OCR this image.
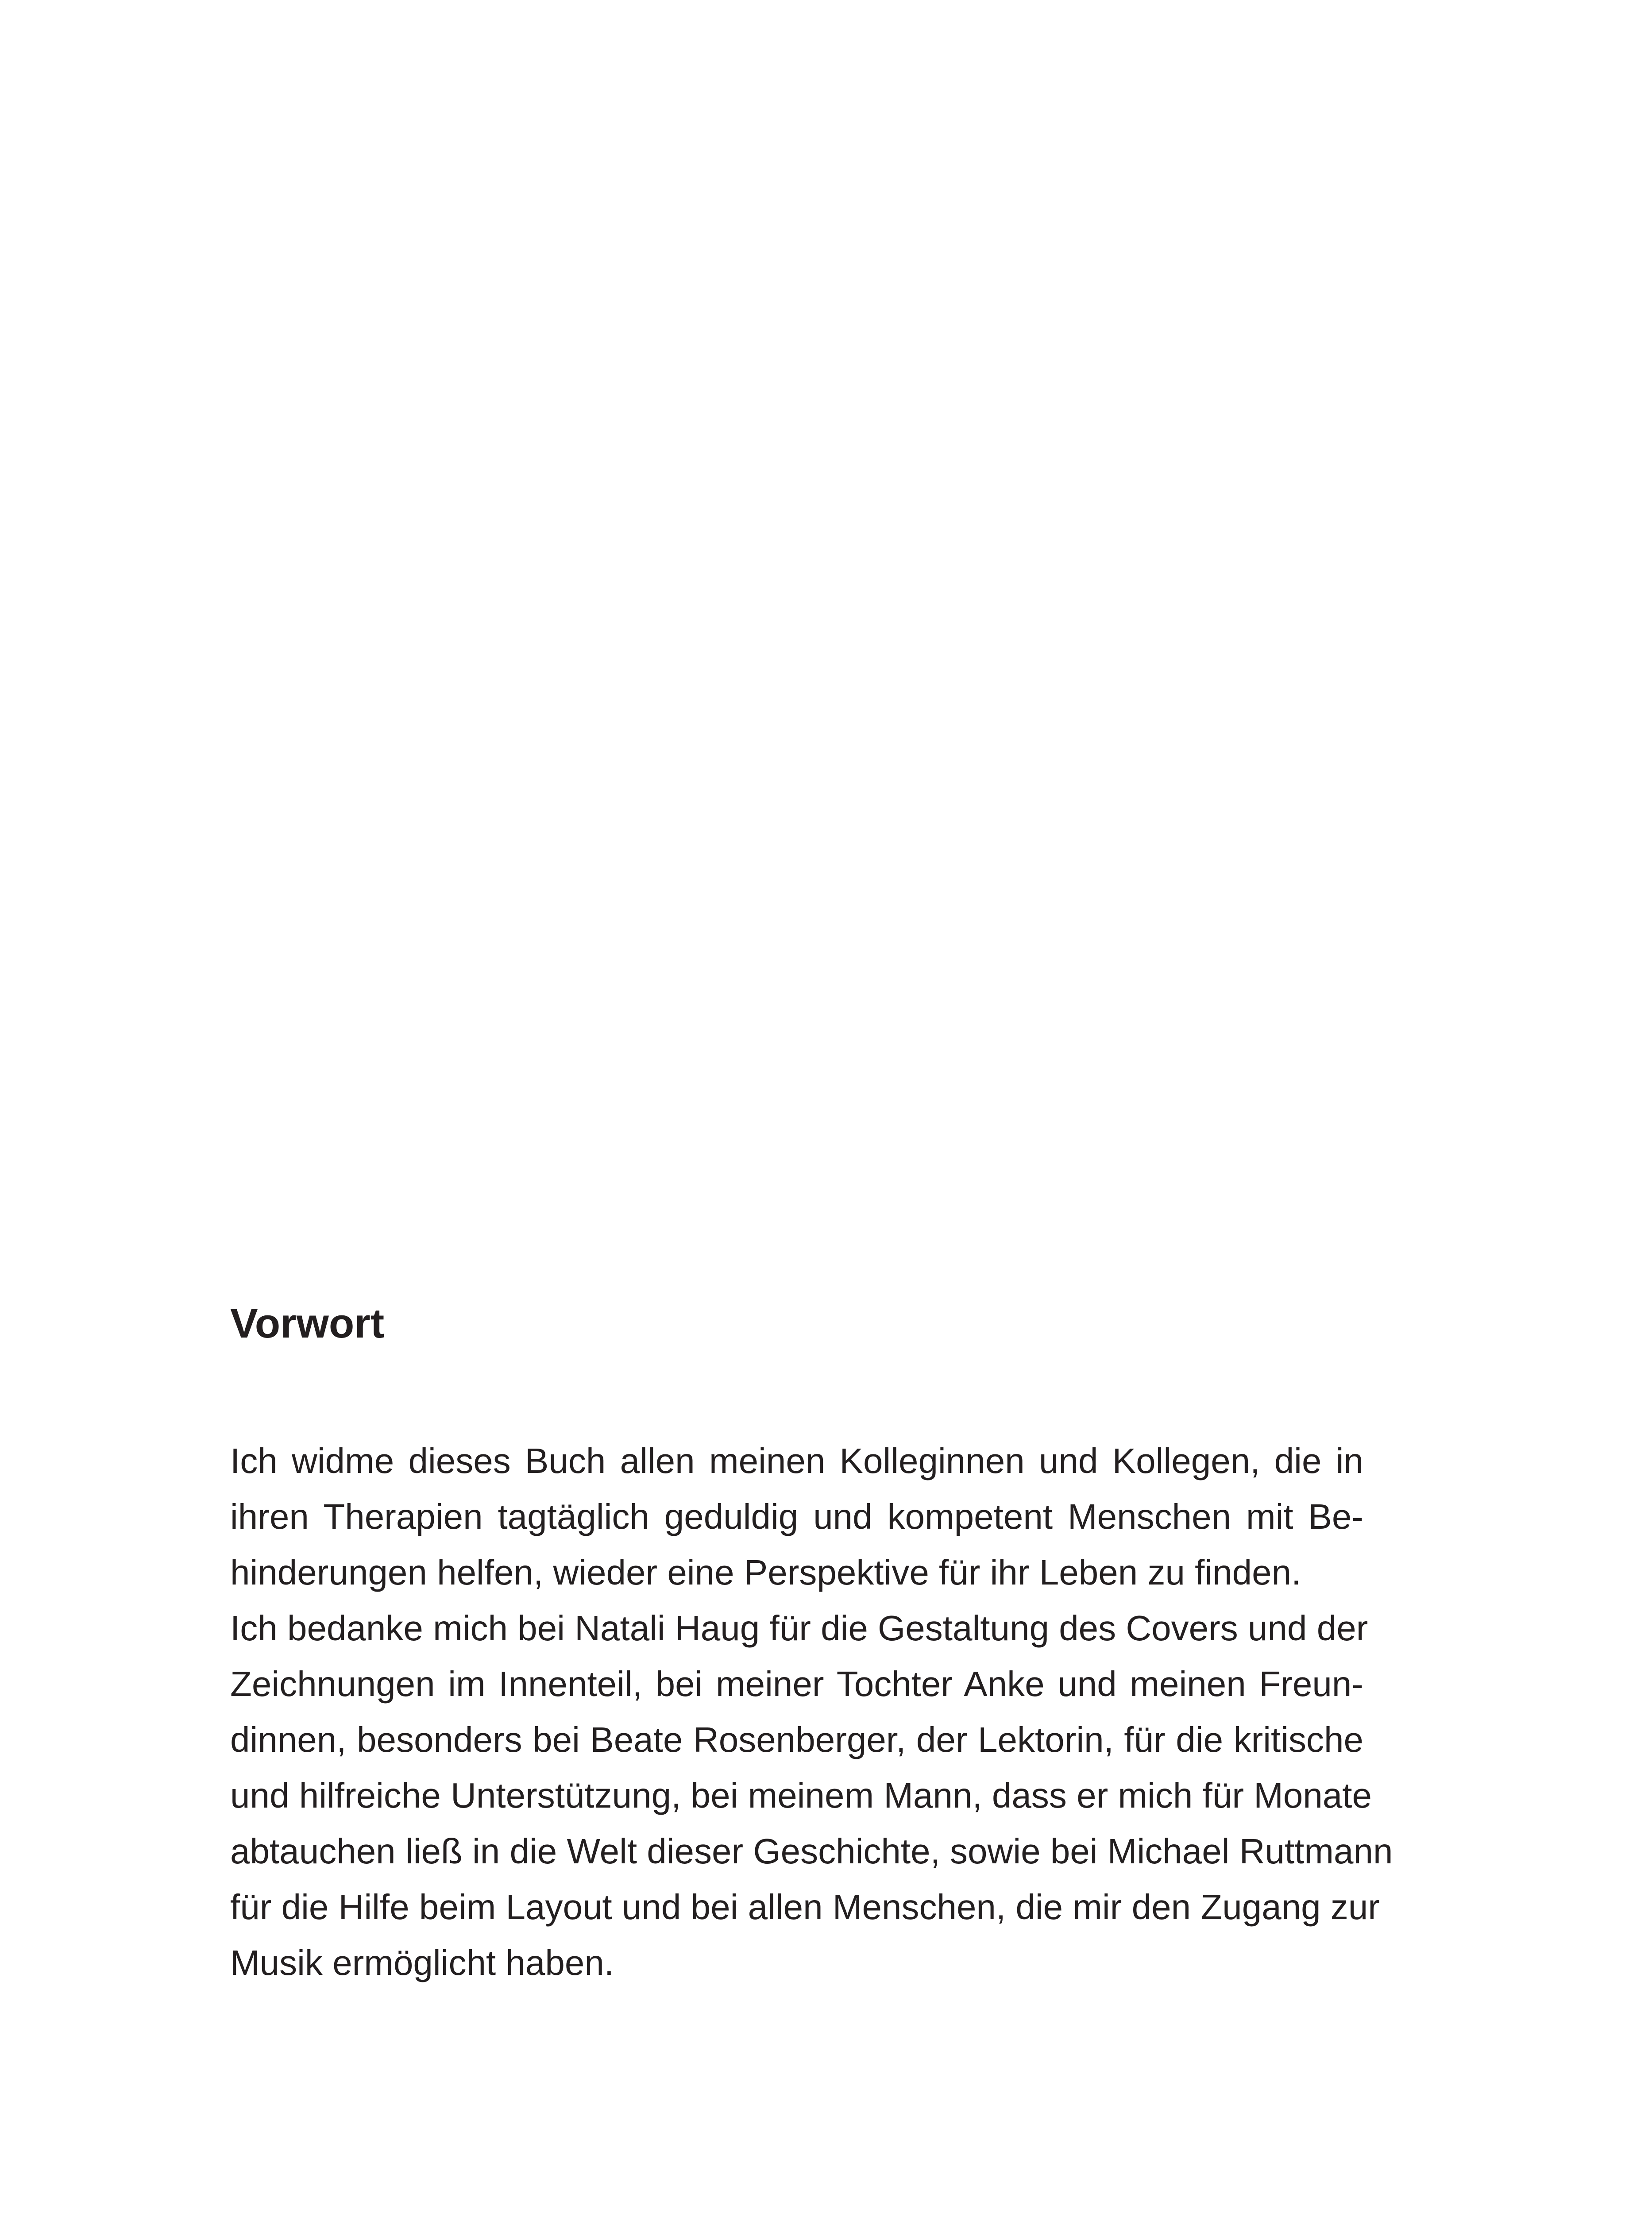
Vorwort

Ich widme dieses Buch allen meinen Kolleginnen und Kollegen, die in
ihren Therapien tagtäglich geduldig und kompetent Menschen mit Be-
hinderungen helfen, wieder eine Perspektive für ihr Leben zu finden.

Ich bedanke mich bei Natali Haug für die Gestaltung des Covers und der
Zeichnungen im Innenteil, bei meiner Tochter Anke und meinen Freun-
dinnen, besonders bei Beate Rosenberger, der Lektorin, für die kritische
und hilfreiche Unterstützung, bei meinem Mann, dass er mich für Monate
abtauchen ließ in die Welt dieser Geschichte, sowie bei Michael Ruttmann
für die Hilfe beim Layout und bei allen Menschen, die mir den Zugang zur
Musik ermöglicht haben.
